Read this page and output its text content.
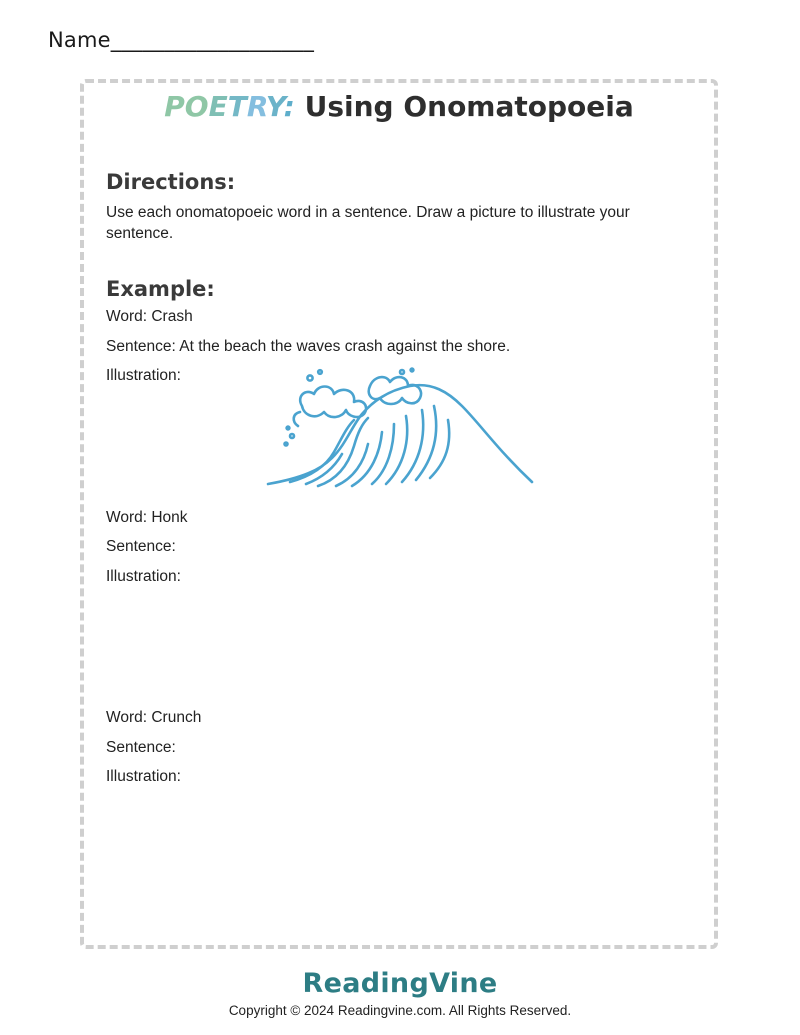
Name___________________
POETRY: Using Onomatopoeia
Directions:
Use each onomatopoeic word in a sentence. Draw a picture to illustrate your sentence.
Example:
Word: Crash
Sentence: At the beach the waves crash against the shore.
Illustration:
Word: Honk
Sentence:
Illustration:
Word: Crunch
Sentence:
Illustration:
ReadingVine
Copyright © 2024 Readingvine.com. All Rights Reserved.
